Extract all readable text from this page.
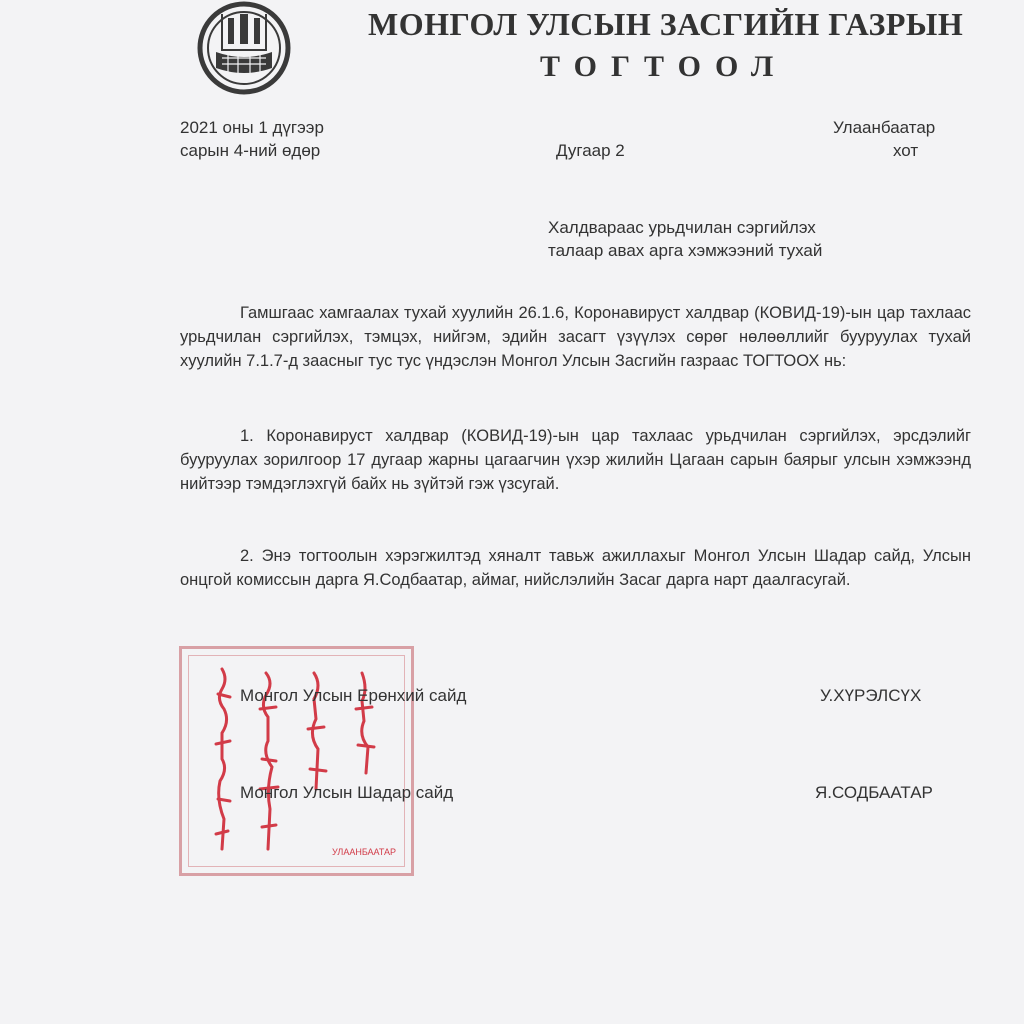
МОНГОЛ УЛСЫН ЗАСГИЙН ГАЗРЫН
ТОГТООЛ
2021 оны 1 дүгээр
сарын 4-ний өдөр	Дугаар 2
Улаанбаатар
хот
Халдвараас урьдчилан сэргийлэх
талаар авах арга хэмжээний тухай
Гамшгаас хамгаалах тухай хуулийн 26.1.6, Коронавируст халдвар (КОВИД-19)-ын цар тахлаас урьдчилан сэргийлэх, тэмцэх, нийгэм, эдийн засагт үзүүлэх сөрөг нөлөөллийг бууруулах тухай хуулийн 7.1.7-д заасныг тус тус үндэслэн Монгол Улсын Засгийн газраас ТОГТООХ нь:
1. Коронавируст халдвар (КОВИД-19)-ын цар тахлаас урьдчилан сэргийлэх, эрсдэлийг бууруулах зорилгоор 17 дугаар жарны цагаагчин үхэр жилийн Цагаан сарын баярыг улсын хэмжээнд нийтээр тэмдэглэхгүй байх нь зүйтэй гэж үзсугай.
2. Энэ тогтоолын хэрэгжилтэд хяналт тавьж ажиллахыг Монгол Улсын Шадар сайд, Улсын онцгой комиссын дарга Я.Содбаатар, аймаг, нийслэлийн Засаг дарга нарт даалгасугай.
УЛААНБААТАР
Монгол Улсын Ерөнхий сайд	У.ХҮРЭЛСҮХ
Монгол Улсын Шадар сайд	Я.СОДБААТАР
